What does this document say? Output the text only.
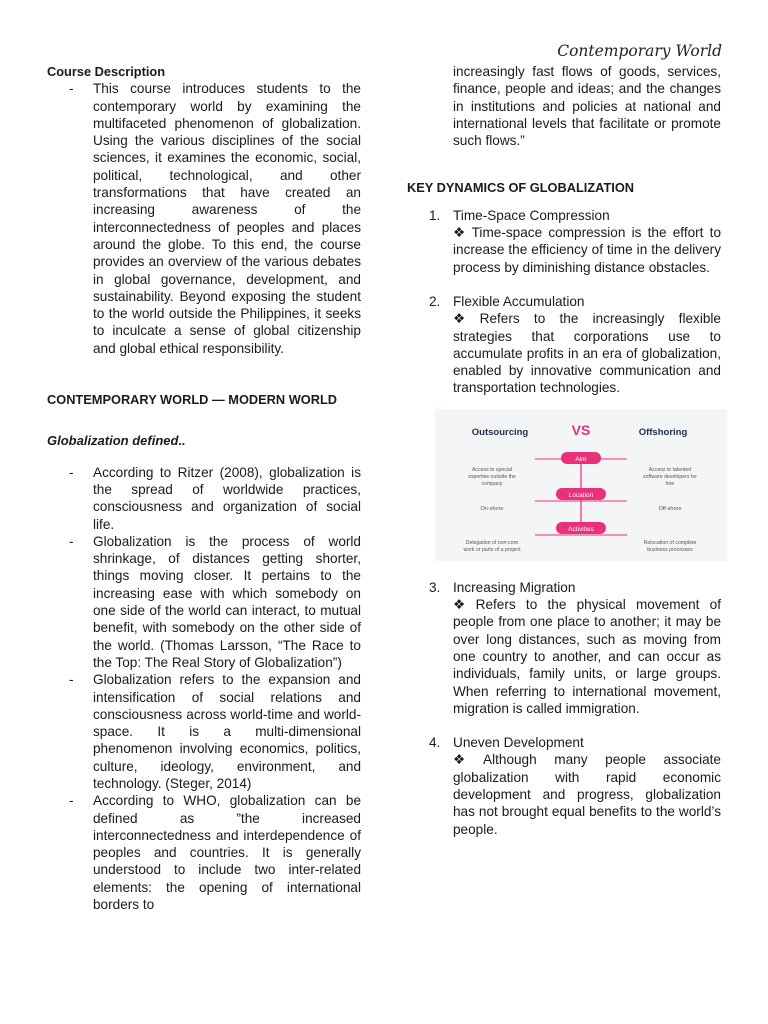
Contemporary World
Course Description
-	This course introduces students to the contemporary world by examining the multifaceted phenomenon of globalization. Using the various disciplines of the social sciences, it examines the economic, social, political, technological, and other transformations that have created an increasing awareness of the interconnectedness of peoples and places around the globe. To this end, the course provides an overview of the various debates in global governance, development, and sustainability. Beyond exposing the student to the world outside the Philippines, it seeks to inculcate a sense of global citizenship and global ethical responsibility.
CONTEMPORARY WORLD — MODERN WORLD
Globalization defined..
-	According to Ritzer (2008), globalization is the spread of worldwide practices, consciousness and organization of social life.
-	Globalization is the process of world shrinkage, of distances getting shorter, things moving closer. It pertains to the increasing ease with which somebody on one side of the world can interact, to mutual benefit, with somebody on the other side of the world. (Thomas Larsson, “The Race to the Top: The Real Story of Globalization”)
-	Globalization refers to the expansion and intensification of social relations and consciousness across world-time and world-space. It is a multi-dimensional phenomenon involving economics, politics, culture, ideology, environment, and technology. (Steger, 2014)
-	According to WHO, globalization can be defined as ”the increased interconnectedness and interdependence of peoples and countries. It is generally understood to include two inter-related elements: the opening of international borders to
increasingly fast flows of goods, services, finance, people and ideas; and the changes in institutions and policies at national and international levels that facilitate or promote such flows.”
KEY DYNAMICS OF GLOBALIZATION
1. Time-Space Compression
❖ Time-space compression is the effort to increase the efficiency of time in the delivery process by diminishing distance obstacles.
2. Flexible Accumulation
❖ Refers to the increasingly flexible strategies that corporations use to accumulate profits in an era of globalization, enabled by innovative communication and transportation technologies.
Outsourcing	VS	Offshoring
Aim
Access to special expertise outside the company
Access to talented software developers for hire
Location
On-shore	Off-shore
Activities
Delegation of non-core work or parts of a project
Relocation of complete business processes
3. Increasing Migration
❖ Refers to the physical movement of people from one place to another; it may be over long distances, such as moving from one country to another, and can occur as individuals, family units, or large groups. When referring to international movement, migration is called immigration.
4. Uneven Development
❖ Although many people associate globalization with rapid economic development and progress, globalization has not brought equal benefits to the world’s people.
